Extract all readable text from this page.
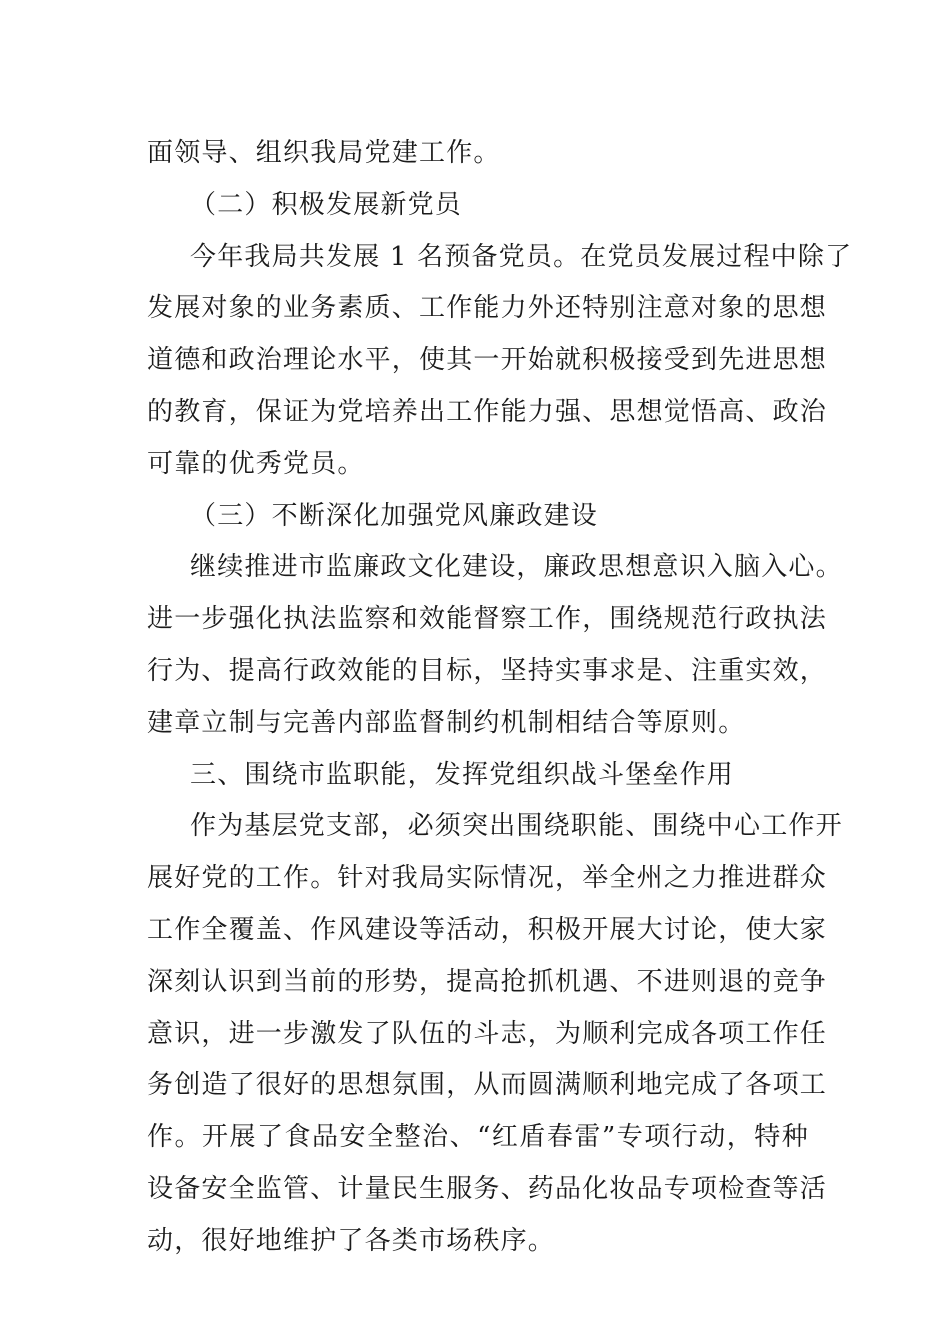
面领导、组织我局党建工作。
（二）积极发展新党员
今年我局共发展 1 名预备党员。在党员发展过程中除了
发展对象的业务素质、工作能力外还特别注意对象的思想
道德和政治理论水平，使其一开始就积极接受到先进思想
的教育，保证为党培养出工作能力强、思想觉悟高、政治
可靠的优秀党员。
（三）不断深化加强党风廉政建设
继续推进市监廉政文化建设，廉政思想意识入脑入心。
进一步强化执法监察和效能督察工作，围绕规范行政执法
行为、提高行政效能的目标，坚持实事求是、注重实效，
建章立制与完善内部监督制约机制相结合等原则。
三、围绕市监职能，发挥党组织战斗堡垒作用
作为基层党支部，必须突出围绕职能、围绕中心工作开
展好党的工作。针对我局实际情况，举全州之力推进群众
工作全覆盖、作风建设等活动，积极开展大讨论，使大家
深刻认识到当前的形势，提高抢抓机遇、不进则退的竞争
意识，进一步激发了队伍的斗志，为顺利完成各项工作任
务创造了很好的思想氛围，从而圆满顺利地完成了各项工
作。开展了食品安全整治、“红盾春雷”专项行动，特种
设备安全监管、计量民生服务、药品化妆品专项检查等活
动，很好地维护了各类市场秩序。
